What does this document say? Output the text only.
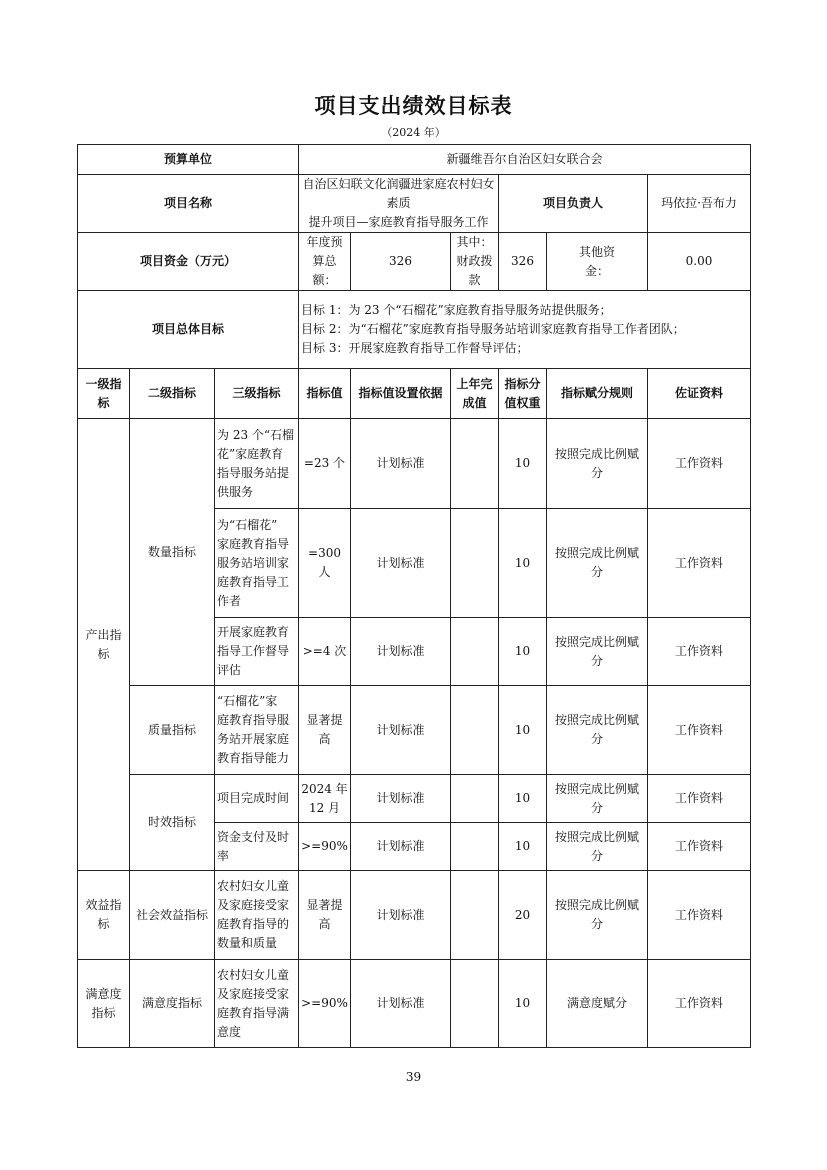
项目支出绩效目标表
（2024 年）
预算单位			新疆维吾尔自治区妇女联合会					
项目名称			自治区妇联文化润疆进家庭农村妇女素质
提升项目—家庭教育指导服务工作			项目负责人		玛依拉·吾布力
项目资金（万元）			年度预算总
额：	326	其中：财政拨款	326	其他资
金：	0.00
项目总体目标			目标 1：为 23 个“石榴花”家庭教育指导服务站提供服务；
目标 2：为“石榴花”家庭教育指导服务站培训家庭教育指导工作者团队；
目标 3：开展家庭教育指导工作督导评估；					

一级指
标	二级指标	三级指标	指标值	指标值设置依据	上年完
成值	指标分
值权重	指标赋分规则	佐证资料

产出指
标	数量指标	为 23 个“石榴
花”家庭教育
指导服务站提
供服务	=23 个	计划标准		10	按照完成比例赋
分	工作资料

		为“石榴花”
家庭教育指导
服务站培训家
庭教育指导工
作者	=300 人	计划标准		10	按照完成比例赋
分	工作资料

		开展家庭教育
指导工作督导
评估	>=4 次	计划标准		10	按照完成比例赋
分	工作资料
	质量指标	“石榴花”家
庭教育指导服
务站开展家庭
教育指导能力	显著提高	计划标准		10	按照完成比例赋
分	工作资料
	时效指标	项目完成时间	2024 年
12 月	计划标准		10	按照完成比例赋
分	工作资料

		资金支付及时
率	>=90%	计划标准		10	按照完成比例赋
分	工作资料

效益指
标	社会效益指标	农村妇女儿童
及家庭接受家
庭教育指导的
数量和质量	显著提高	计划标准		20	按照完成比例赋
分	工作资料

满意度
指标	满意度指标	农村妇女儿童
及家庭接受家
庭教育指导满
意度	>=90%	计划标准		10	满意度赋分	工作资料
39
